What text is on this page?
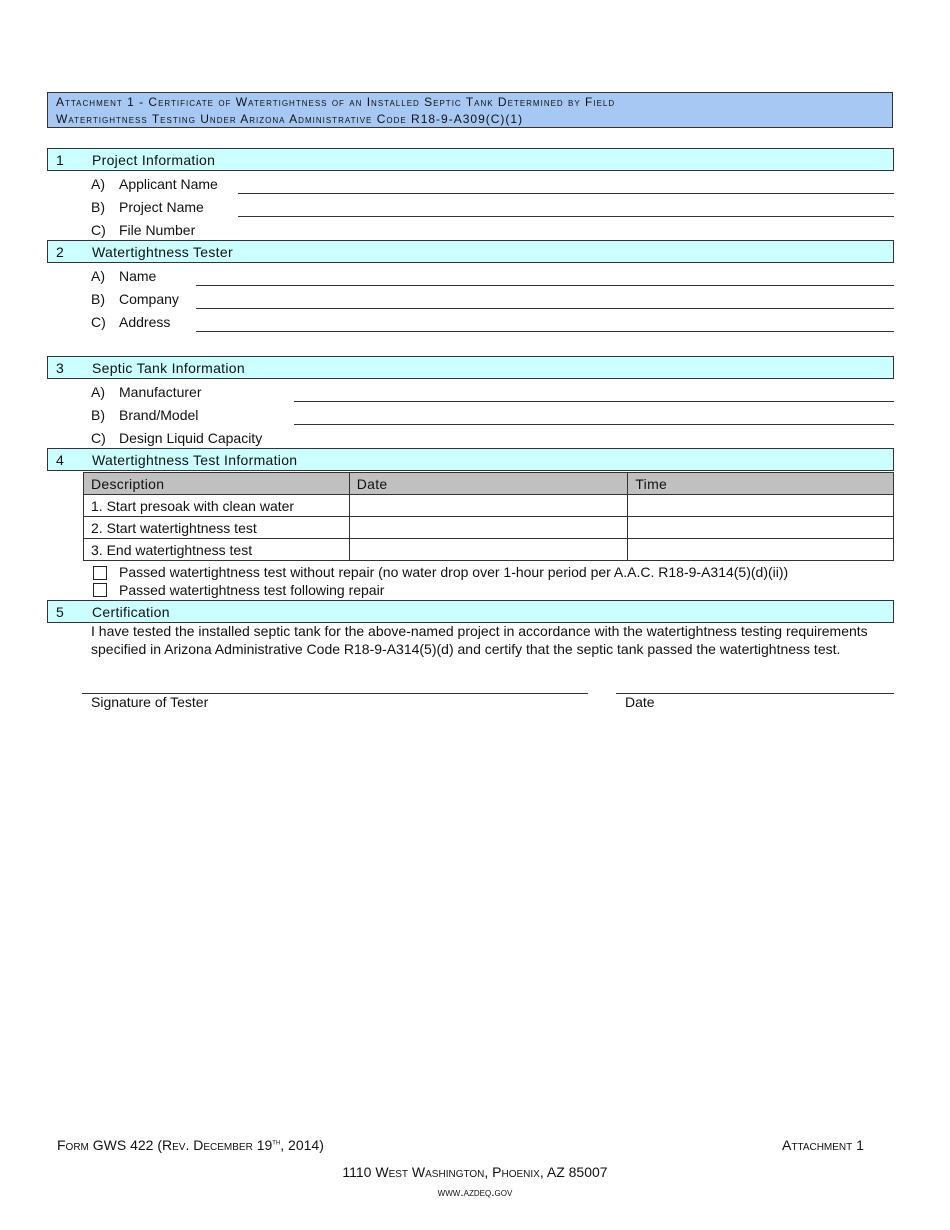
Attachment 1 - Certificate of Watertightness of an Installed Septic Tank Determined by Field
Watertightness Testing Under Arizona Administrative Code R18-9-A309(C)(1)
1 Project Information
A) Applicant Name
B) Project Name
C) File Number
2 Watertightness Tester
A) Name
B) Company
C) Address
3 Septic Tank Information
A) Manufacturer
B) Brand/Model
C) Design Liquid Capacity
4 Watertightness Test Information
Description	Date	Time
1. Start presoak with clean water		
2. Start watertightness test		
3. End watertightness test		
Passed watertightness test without repair (no water drop over 1-hour period per A.A.C. R18-9-A314(5)(d)(ii))
Passed watertightness test following repair
5 Certification
I have tested the installed septic tank for the above-named project in accordance with the watertightness testing requirements specified in Arizona Administrative Code R18-9-A314(5)(d) and certify that the septic tank passed the watertightness test.
Signature of Tester	Date
Form GWS 422 (Rev. December 19th, 2014)	Attachment 1
1110 West Washington, Phoenix, AZ 85007
www.azdeq.gov
